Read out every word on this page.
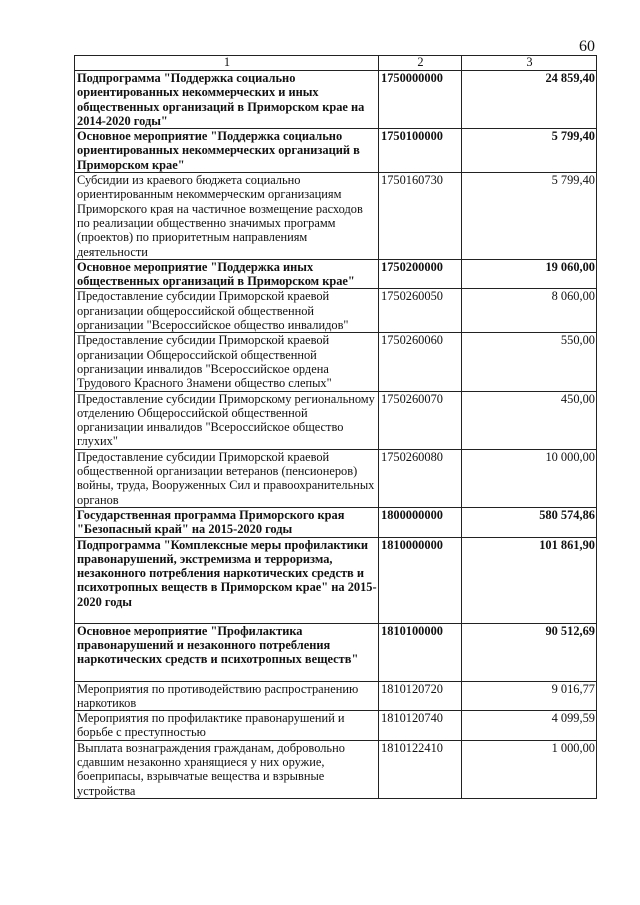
60
1	2	3
Подпрограмма "Поддержка социально ориентированных некоммерческих и иных общественных организаций в Приморском крае на 2014-2020 годы"	1750000000	24 859,40
Основное мероприятие "Поддержка социально ориентированных некоммерческих организаций в Приморском крае"	1750100000	5 799,40
Субсидии из краевого бюджета социально ориентированным некоммерческим организациям Приморского края на частичное возмещение расходов по реализации общественно значимых программ (проектов) по приоритетным направлениям деятельности	1750160730	5 799,40
Основное мероприятие "Поддержка иных общественных организаций в Приморском крае"	1750200000	19 060,00
Предоставление субсидии Приморской краевой организации общероссийской общественной организации "Всероссийское общество инвалидов"	1750260050	8 060,00
Предоставление субсидии Приморской краевой организации Общероссийской общественной организации инвалидов "Всероссийское ордена Трудового Красного Знамени общество слепых"	1750260060	550,00
Предоставление субсидии Приморскому региональному отделению Общероссийской общественной организации инвалидов "Всероссийское общество глухих"	1750260070	450,00
Предоставление субсидии Приморской краевой общественной организации ветеранов (пенсионеров) войны, труда, Вооруженных Сил и правоохранительных органов	1750260080	10 000,00
Государственная программа Приморского края "Безопасный край" на 2015-2020 годы	1800000000	580 574,86
Подпрограмма "Комплексные меры профилактики правонарушений, экстремизма и терроризма, незаконного потребления наркотических средств и психотропных веществ в Приморском крае" на 2015-2020 годы	1810000000	101 861,90
Основное мероприятие "Профилактика правонарушений и незаконного потребления наркотических средств и психотропных веществ"	1810100000	90 512,69
Мероприятия по противодействию распространению наркотиков	1810120720	9 016,77
Мероприятия по профилактике правонарушений и борьбе с преступностью	1810120740	4 099,59
Выплата вознаграждения гражданам, добровольно сдавшим незаконно хранящиеся у них оружие, боеприпасы, взрывчатые вещества и взрывные устройства	1810122410	1 000,00
